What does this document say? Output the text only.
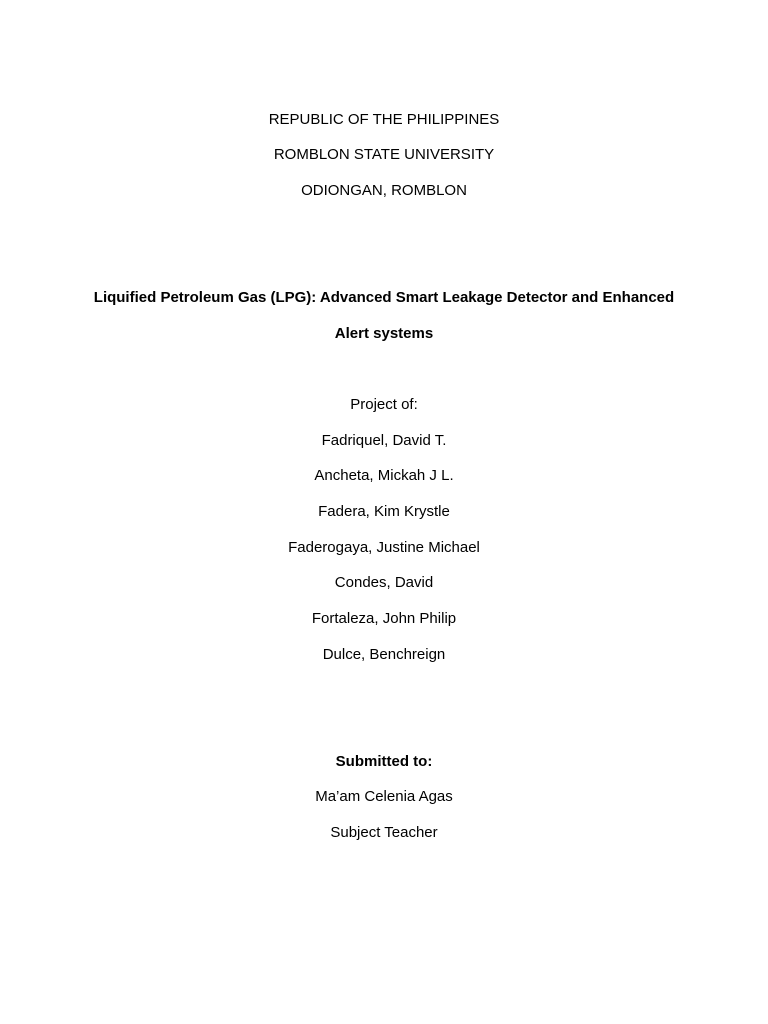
REPUBLIC OF THE PHILIPPINES
ROMBLON STATE UNIVERSITY
ODIONGAN, ROMBLON
Liquified Petroleum Gas (LPG): Advanced Smart Leakage Detector and Enhanced
Alert systems
Project of:
Fadriquel, David T.
Ancheta, Mickah J L.
Fadera, Kim Krystle
Faderogaya, Justine Michael
Condes, David
Fortaleza, John Philip
Dulce, Benchreign
Submitted to:
Ma’am Celenia Agas
Subject Teacher
